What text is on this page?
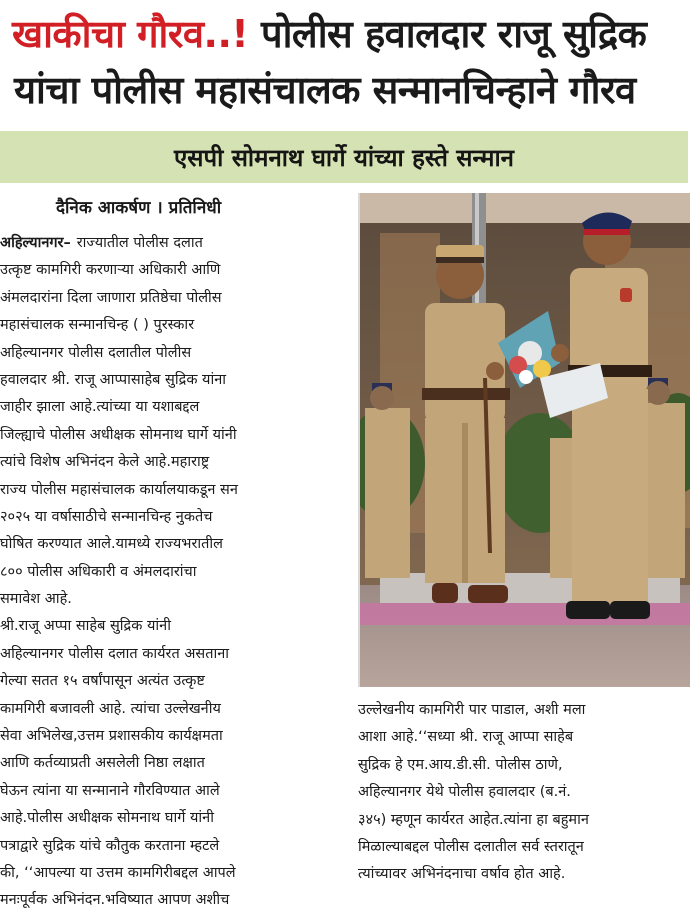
खाकीचा गौरव..! पोलीस हवालदार राजू सुद्रिक
यांचा पोलीस महासंचालक सन्मानचिन्हाने गौरव
एसपी सोमनाथ घार्गे यांच्या हस्ते सन्मान
दैनिक आकर्षण । प्रतिनिधी
अहिल्यानगर– राज्यातील पोलीस दलात
उत्कृष्ट कामगिरी करणाऱ्या अधिकारी आणि
अंमलदारांना दिला जाणारा प्रतिष्ठेचा पोलीस
महासंचालक सन्मानचिन्ह ( ) पुरस्कार
अहिल्यानगर पोलीस दलातील पोलीस
हवालदार श्री. राजू आप्पासाहेब सुद्रिक यांना
जाहीर झाला आहे.त्यांच्या या यशाबद्दल
जिल्ह्याचे पोलीस अधीक्षक सोमनाथ घार्गे यांनी
त्यांचे विशेष अभिनंदन केले आहे.महाराष्ट्र
राज्य पोलीस महासंचालक कार्यालयाकडून सन
२०२५ या वर्षासाठीचे सन्मानचिन्ह नुकतेच
घोषित करण्यात आले.यामध्ये राज्यभरातील
८०० पोलीस अधिकारी व अंमलदारांचा
समावेश आहे.
श्री.राजू अप्पा साहेब सुद्रिक यांनी
अहिल्यानगर पोलीस दलात कार्यरत असताना
गेल्या सतत १५ वर्षांपासून अत्यंत उत्कृष्ट
कामगिरी बजावली आहे. त्यांचा उल्लेखनीय
सेवा अभिलेख,उत्तम प्रशासकीय कार्यक्षमता
आणि कर्तव्याप्रती असलेली निष्ठा लक्षात
घेऊन त्यांना या सन्मानाने गौरविण्यात आले
आहे.पोलीस अधीक्षक सोमनाथ घार्गे यांनी
पत्राद्वारे सुद्रिक यांचे कौतुक करताना म्हटले
की, ‘‘आपल्या या उत्तम कामगिरीबद्दल आपले
मनःपूर्वक अभिनंदन.भविष्यात आपण अशीच
उल्लेखनीय कामगिरी पार पाडाल, अशी मला
आशा आहे.‘‘सध्या श्री. राजू आप्पा साहेब
सुद्रिक हे एम.आय.डी.सी. पोलीस ठाणे,
अहिल्यानगर येथे पोलीस हवालदार (ब.नं.
३४५) म्हणून कार्यरत आहेत.त्यांना हा बहुमान
मिळाल्याबद्दल पोलीस दलातील सर्व स्तरातून
त्यांच्यावर अभिनंदनाचा वर्षाव होत आहे.
